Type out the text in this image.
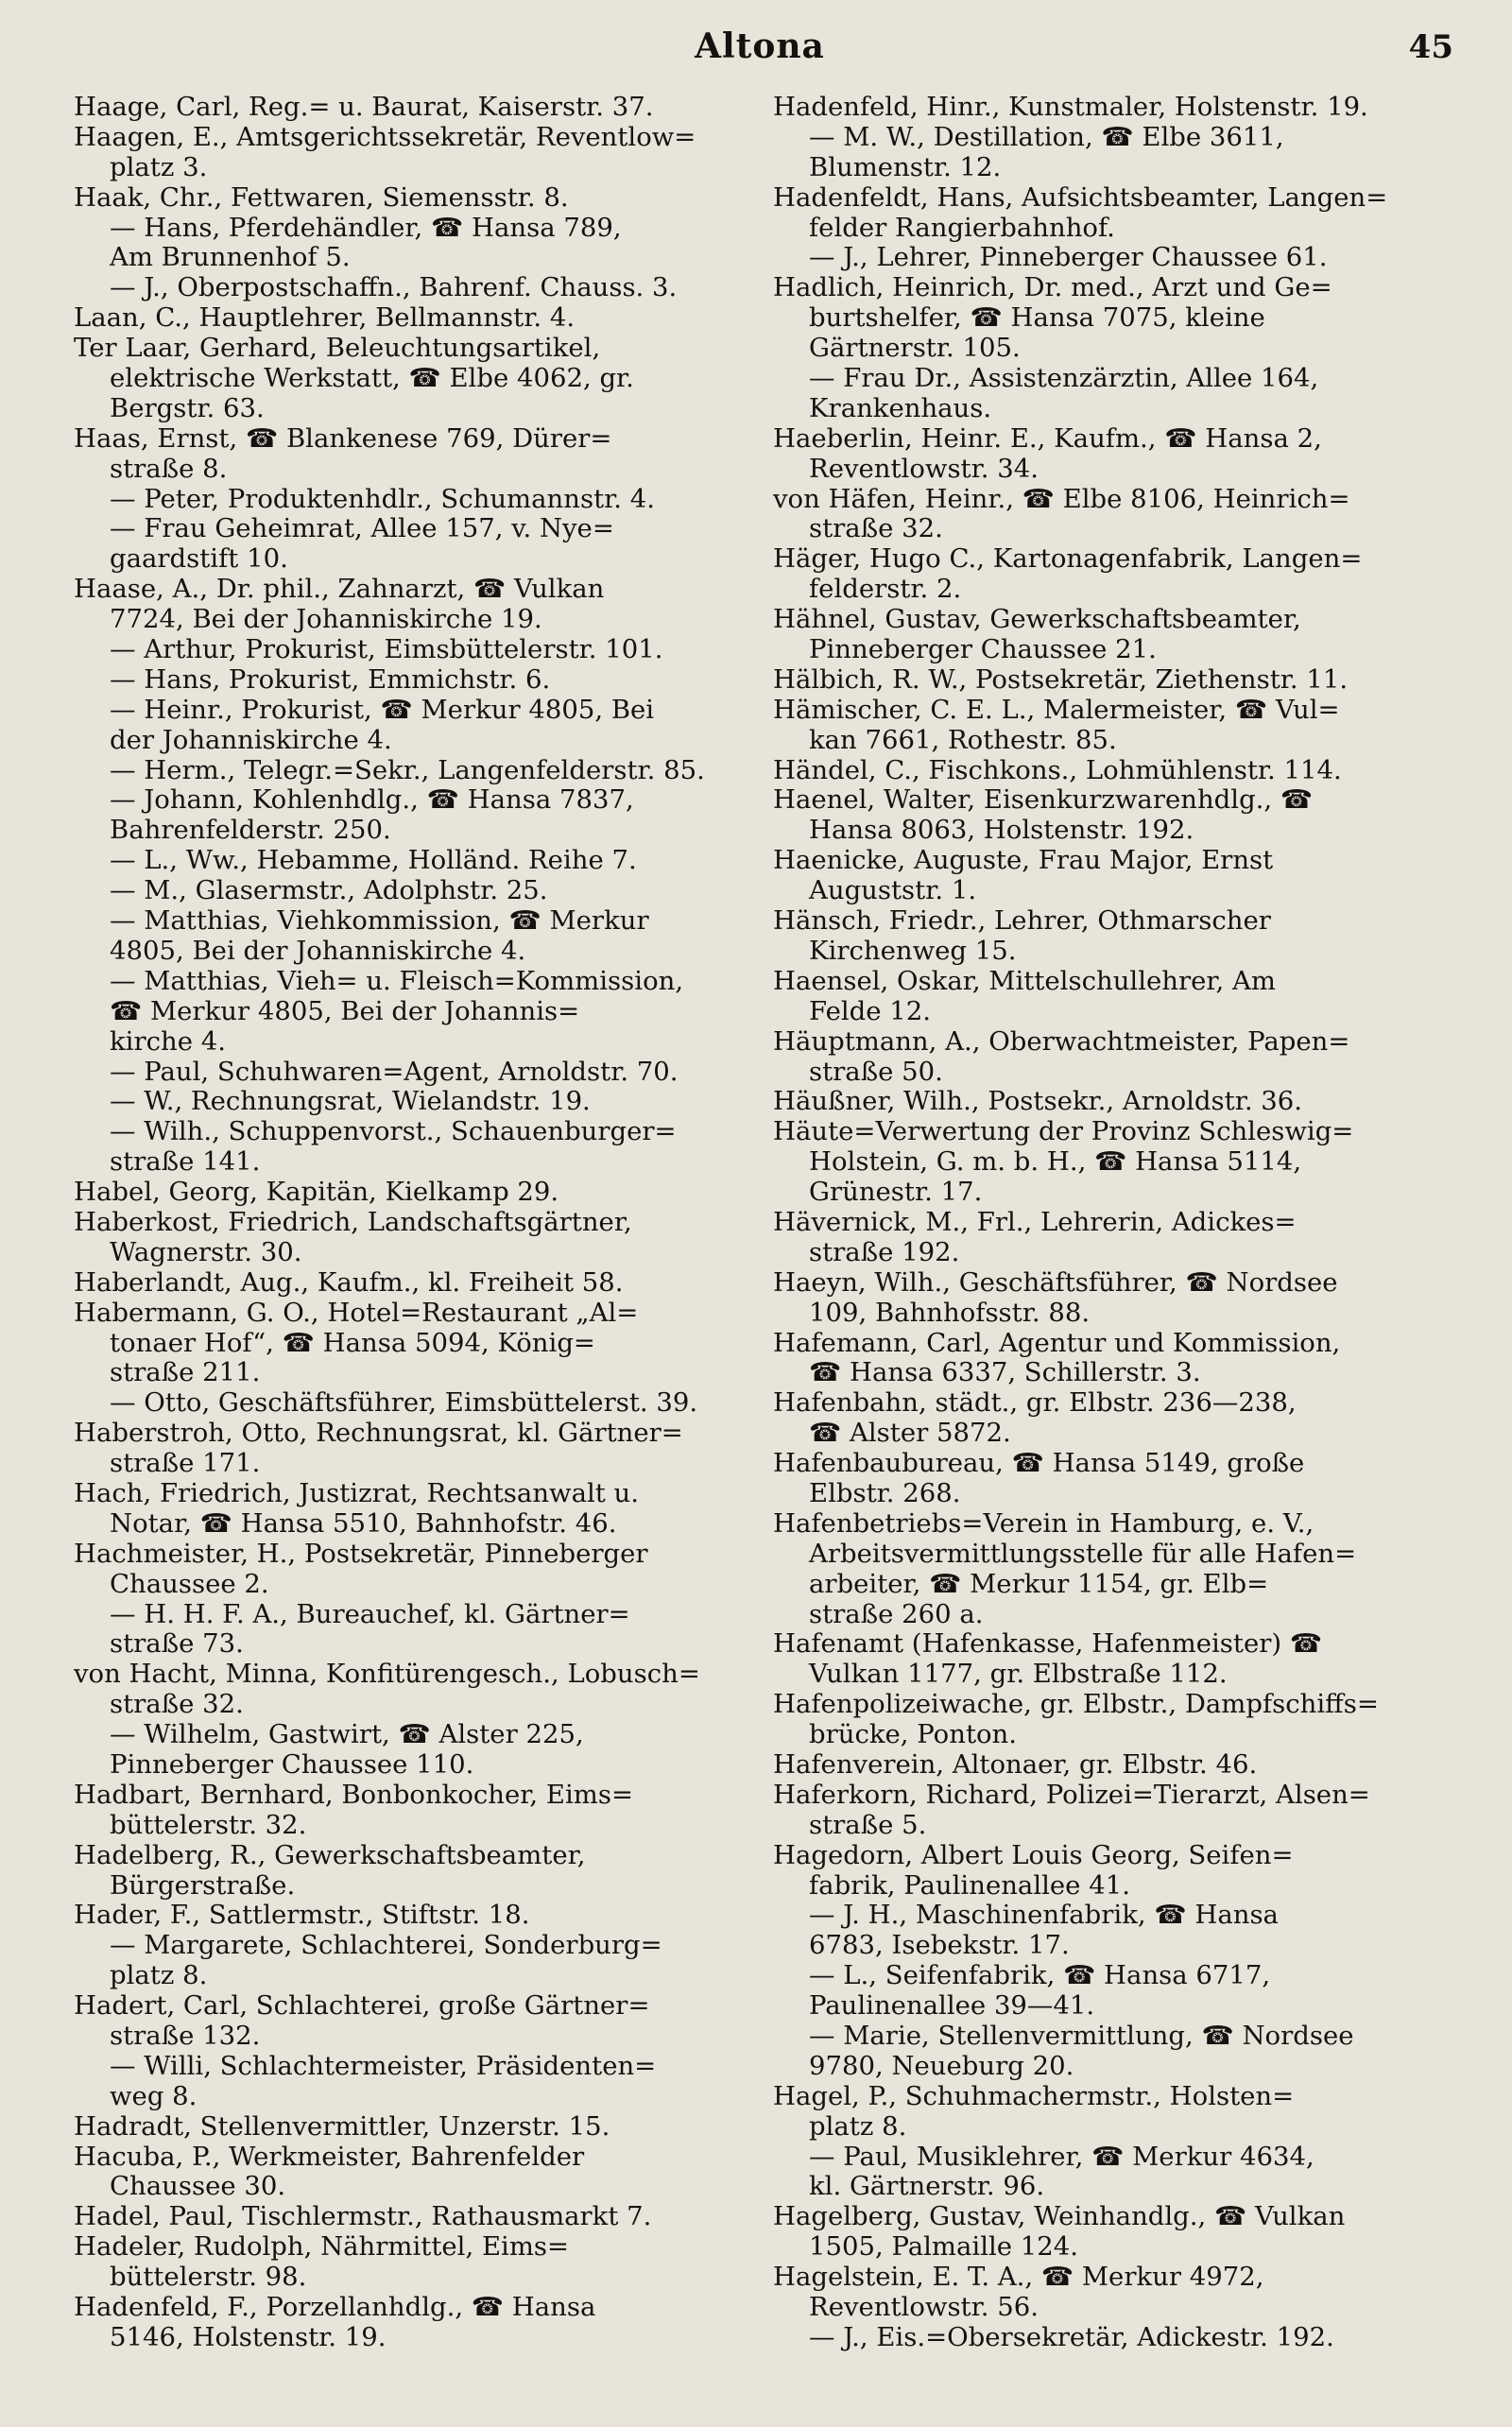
Altona	45
Haage, Carl, Reg.= u. Baurat, Kaiserstr. 37.
Haagen, E., Amtsgerichtssekretär, Reventlow=
platz 3.
Haak, Chr., Fettwaren, Siemensstr. 8.
— Hans, Pferdehändler, ☎ Hansa 789,
Am Brunnenhof 5.
— J., Oberpostschaffn., Bahrenf. Chauss. 3.
Laan, C., Hauptlehrer, Bellmannstr. 4.
Ter Laar, Gerhard, Beleuchtungsartikel,
elektrische Werkstatt, ☎ Elbe 4062, gr.
Bergstr. 63.
Haas, Ernst, ☎ Blankenese 769, Dürer=
straße 8.
— Peter, Produktenhdlr., Schumannstr. 4.
— Frau Geheimrat, Allee 157, v. Nye=
gaardstift 10.
Haase, A., Dr. phil., Zahnarzt, ☎ Vulkan
7724, Bei der Johanniskirche 19.
— Arthur, Prokurist, Eimsbüttelerstr. 101.
— Hans, Prokurist, Emmichstr. 6.
— Heinr., Prokurist, ☎ Merkur 4805, Bei
der Johanniskirche 4.
— Herm., Telegr.=Sekr., Langenfelderstr. 85.
— Johann, Kohlenhdlg., ☎ Hansa 7837,
Bahrenfelderstr. 250.
— L., Ww., Hebamme, Holländ. Reihe 7.
— M., Glasermstr., Adolphstr. 25.
— Matthias, Viehkommission, ☎ Merkur
4805, Bei der Johanniskirche 4.
— Matthias, Vieh= u. Fleisch=Kommission,
☎ Merkur 4805, Bei der Johannis=
kirche 4.
— Paul, Schuhwaren=Agent, Arnoldstr. 70.
— W., Rechnungsrat, Wielandstr. 19.
— Wilh., Schuppenvorst., Schauenburger=
straße 141.
Habel, Georg, Kapitän, Kielkamp 29.
Haberkost, Friedrich, Landschaftsgärtner,
Wagnerstr. 30.
Haberlandt, Aug., Kaufm., kl. Freiheit 58.
Habermann, G. O., Hotel=Restaurant „Al=
tonaer Hof“, ☎ Hansa 5094, König=
straße 211.
— Otto, Geschäftsführer, Eimsbüttelerst. 39.
Haberstroh, Otto, Rechnungsrat, kl. Gärtner=
straße 171.
Hach, Friedrich, Justizrat, Rechtsanwalt u.
Notar, ☎ Hansa 5510, Bahnhofstr. 46.
Hachmeister, H., Postsekretär, Pinneberger
Chaussee 2.
— H. H. F. A., Bureauchef, kl. Gärtner=
straße 73.
von Hacht, Minna, Konfitürengesch., Lobusch=
straße 32.
— Wilhelm, Gastwirt, ☎ Alster 225,
Pinneberger Chaussee 110.
Hadbart, Bernhard, Bonbonkocher, Eims=
büttelerstr. 32.
Hadelberg, R., Gewerkschaftsbeamter,
Bürgerstraße.
Hader, F., Sattlermstr., Stiftstr. 18.
— Margarete, Schlachterei, Sonderburg=
platz 8.
Hadert, Carl, Schlachterei, große Gärtner=
straße 132.
— Willi, Schlachtermeister, Präsidenten=
weg 8.
Hadradt, Stellenvermittler, Unzerstr. 15.
Hacuba, P., Werkmeister, Bahrenfelder
Chaussee 30.
Hadel, Paul, Tischlermstr., Rathausmarkt 7.
Hadeler, Rudolph, Nährmittel, Eims=
büttelerstr. 98.
Hadenfeld, F., Porzellanhdlg., ☎ Hansa
5146, Holstenstr. 19.
Hadenfeld, Hinr., Kunstmaler, Holstenstr. 19.
— M. W., Destillation, ☎ Elbe 3611,
Blumenstr. 12.
Hadenfeldt, Hans, Aufsichtsbeamter, Langen=
felder Rangierbahnhof.
— J., Lehrer, Pinneberger Chaussee 61.
Hadlich, Heinrich, Dr. med., Arzt und Ge=
burtshelfer, ☎ Hansa 7075, kleine
Gärtnerstr. 105.
— Frau Dr., Assistenzärztin, Allee 164,
Krankenhaus.
Haeberlin, Heinr. E., Kaufm., ☎ Hansa 2,
Reventlowstr. 34.
von Häfen, Heinr., ☎ Elbe 8106, Heinrich=
straße 32.
Häger, Hugo C., Kartonagenfabrik, Langen=
felderstr. 2.
Hähnel, Gustav, Gewerkschaftsbeamter,
Pinneberger Chaussee 21.
Hälbich, R. W., Postsekretär, Ziethenstr. 11.
Hämischer, C. E. L., Malermeister, ☎ Vul=
kan 7661, Rothestr. 85.
Händel, C., Fischkons., Lohmühlenstr. 114.
Haenel, Walter, Eisenkurzwarenhdlg., ☎
Hansa 8063, Holstenstr. 192.
Haenicke, Auguste, Frau Major, Ernst
Auguststr. 1.
Hänsch, Friedr., Lehrer, Othmarscher
Kirchenweg 15.
Haensel, Oskar, Mittelschullehrer, Am
Felde 12.
Häuptmann, A., Oberwachtmeister, Papen=
straße 50.
Häußner, Wilh., Postsekr., Arnoldstr. 36.
Häute=Verwertung der Provinz Schleswig=
Holstein, G. m. b. H., ☎ Hansa 5114,
Grünestr. 17.
Hävernick, M., Frl., Lehrerin, Adickes=
straße 192.
Haeyn, Wilh., Geschäftsführer, ☎ Nordsee
109, Bahnhofsstr. 88.
Hafemann, Carl, Agentur und Kommission,
☎ Hansa 6337, Schillerstr. 3.
Hafenbahn, städt., gr. Elbstr. 236—238,
☎ Alster 5872.
Hafenbaubureau, ☎ Hansa 5149, große
Elbstr. 268.
Hafenbetriebs=Verein in Hamburg, e. V.,
Arbeitsvermittlungsstelle für alle Hafen=
arbeiter, ☎ Merkur 1154, gr. Elb=
straße 260 a.
Hafenamt (Hafenkasse, Hafenmeister) ☎
Vulkan 1177, gr. Elbstraße 112.
Hafenpolizeiwache, gr. Elbstr., Dampfschiffs=
brücke, Ponton.
Hafenverein, Altonaer, gr. Elbstr. 46.
Haferkorn, Richard, Polizei=Tierarzt, Alsen=
straße 5.
Hagedorn, Albert Louis Georg, Seifen=
fabrik, Paulinenallee 41.
— J. H., Maschinenfabrik, ☎ Hansa
6783, Isebekstr. 17.
— L., Seifenfabrik, ☎ Hansa 6717,
Paulinenallee 39—41.
— Marie, Stellenvermittlung, ☎ Nordsee
9780, Neueburg 20.
Hagel, P., Schuhmachermstr., Holsten=
platz 8.
— Paul, Musiklehrer, ☎ Merkur 4634,
kl. Gärtnerstr. 96.
Hagelberg, Gustav, Weinhandlg., ☎ Vulkan
1505, Palmaille 124.
Hagelstein, E. T. A., ☎ Merkur 4972,
Reventlowstr. 56.
— J., Eis.=Obersekretär, Adickestr. 192.
